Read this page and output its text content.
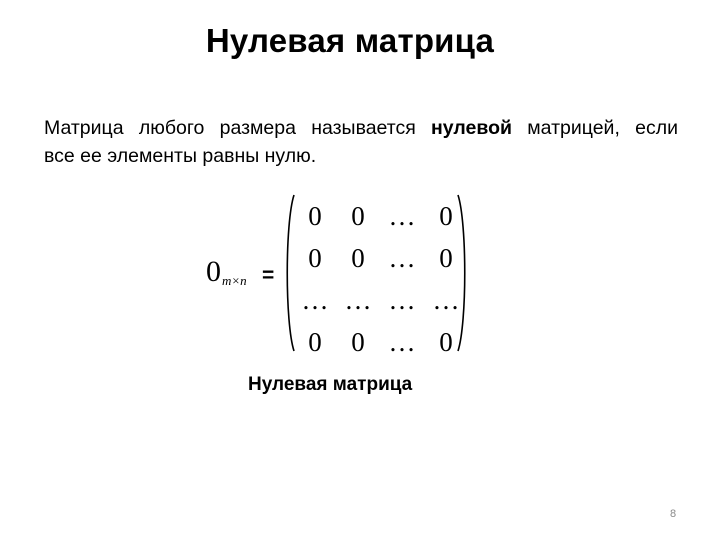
Нулевая матрица
Матрица любого размера называется нулевой матрицей, если
все ее элементы равны нулю.
$0_{m\times n}$ =
0	0 … 0
0	0 … 0
… … … …
0	0 … 0
Нулевая матрица
8
